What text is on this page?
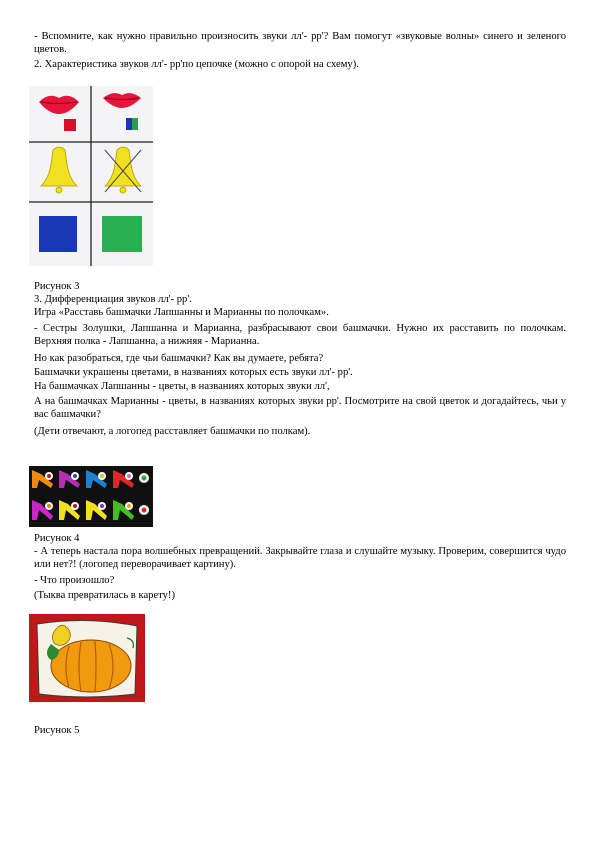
- Вспомните, как нужно правильно произносить звуки лл'- рр'? Вам помогут «звуковые волны» синего и зеленого цветов.

2. Характеристика звуков лл'- рр'по цепочке (можно с опорой на схему).

Рисунок 3

3. Дифференциация звуков лл'- рр'.

Игра «Расставь башмачки Лапшанны и Марианны по полочкам».

- Сестры Золушки, Лапшанна и Марианна, разбрасывают свои башмачки. Нужно их расставить по полочкам. Верхняя полка - Лапшанна, а нижняя - Марианна.

Но как разобраться, где чьи башмачки? Как вы думаете, ребята?

Башмачки украшены цветами, в названиях которых есть звуки лл'- рр'.

На башмачках Лапшанны - цветы, в названиях которых звуки лл',

А на башмачках Марианны - цветы, в названиях которых звуки рр'. Посмотрите на свой цветок и догадайтесь, чьи у вас башмачки?

(Дети отвечают, а логопед расставляет башмачки по полкам).

Рисунок 4

- А теперь настала пора волшебных превращений. Закрывайте глаза и слушайте музыку. Проверим, совершится чудо или нет?! (логопед переворачивает картину).

- Что произошло?

(Тыква превратилась в карету!)

Рисунок 5
